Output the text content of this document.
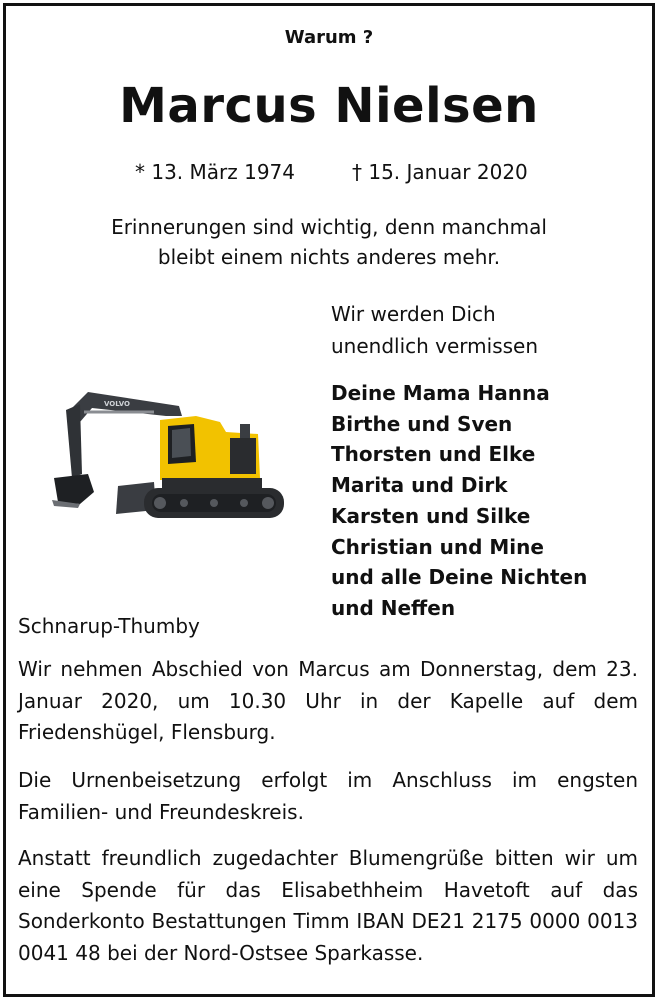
Warum ?
Marcus Nielsen
* 13. März 1974	† 15. Januar 2020
Erinnerungen sind wichtig, denn manchmal
bleibt einem nichts anderes mehr.
Wir werden Dich
unendlich vermissen
Deine Mama Hanna
Birthe und Sven
Thorsten und Elke
Marita und Dirk
Karsten und Silke
Christian und Mine
und alle Deine Nichten
und Neffen
VOLVO
Schnarup-Thumby
Wir nehmen Abschied von Marcus am Donnerstag, dem 23. Januar 2020, um 10.30 Uhr in der Kapelle auf dem Friedenshügel, Flensburg.
Die Urnenbeisetzung erfolgt im Anschluss im engsten Familien- und Freundeskreis.
Anstatt freundlich zugedachter Blumengrüße bitten wir um eine Spende für das Elisabethheim Havetoft auf das Sonderkonto Bestattungen Timm IBAN DE21 2175 0000 0013 0041 48 bei der Nord-Ostsee Sparkasse.
